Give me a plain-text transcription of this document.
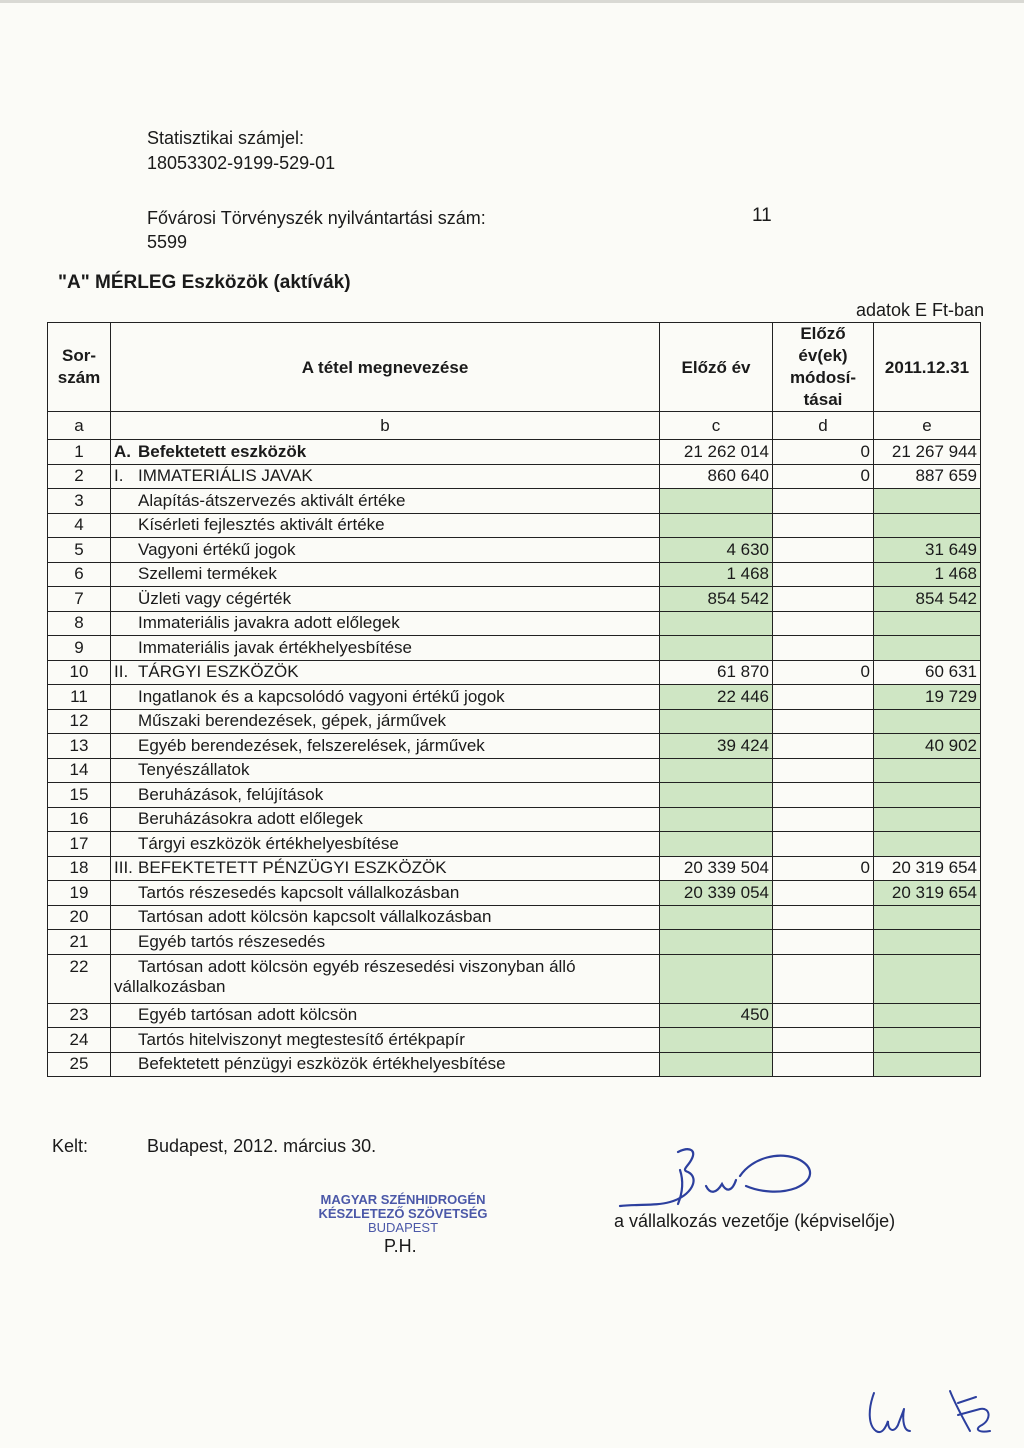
Statisztikai számjel:
18053302-9199-529-01
Fővárosi Törvényszék nyilvántartási szám:
5599
11
"A" MÉRLEG Eszközök (aktívák)
adatok E Ft-ban
Sor-szám	A tétel megnevezése	Előző év	Előző év(ek) módosí-tásai	2011.12.31
a	b	c	d	e
1	A. Befektetett eszközök	21 262 014	0	21 267 944
2	I. IMMATERIÁLIS JAVAK	860 640	0	887 659
3	Alapítás-átszervezés aktivált értéke			
4	Kísérleti fejlesztés aktivált értéke			
5	Vagyoni értékű jogok	4 630		31 649
6	Szellemi termékek	1 468		1 468
7	Üzleti vagy cégérték	854 542		854 542
8	Immateriális javakra adott előlegek			
9	Immateriális javak értékhelyesbítése			
10	II. TÁRGYI ESZKÖZÖK	61 870	0	60 631
11	Ingatlanok és a kapcsolódó vagyoni értékű jogok	22 446		19 729
12	Műszaki berendezések, gépek, járművek			
13	Egyéb berendezések, felszerelések, járművek	39 424		40 902
14	Tenyészállatok			
15	Beruházások, felújítások			
16	Beruházásokra adott előlegek			
17	Tárgyi eszközök értékhelyesbítése			
18	III. BEFEKTETETT PÉNZÜGYI ESZKÖZÖK	20 339 504	0	20 319 654
19	Tartós részesedés kapcsolt vállalkozásban	20 339 054		20 319 654
20	Tartósan adott kölcsön kapcsolt vállalkozásban			
21	Egyéb tartós részesedés			
22	Tartósan adott kölcsön egyéb részesedési viszonyban álló vállalkozásban			
23	Egyéb tartósan adott kölcsön	450		
24	Tartós hitelviszonyt megtestesítő értékpapír			
25	Befektetett pénzügyi eszközök értékhelyesbítése			
Kelt:	Budapest, 2012. március 30.
MAGYAR SZÉNHIDROGÉN
KÉSZLETEZŐ SZÖVETSÉG
BUDAPEST
P.H.
a vállalkozás vezetője (képviselője)
